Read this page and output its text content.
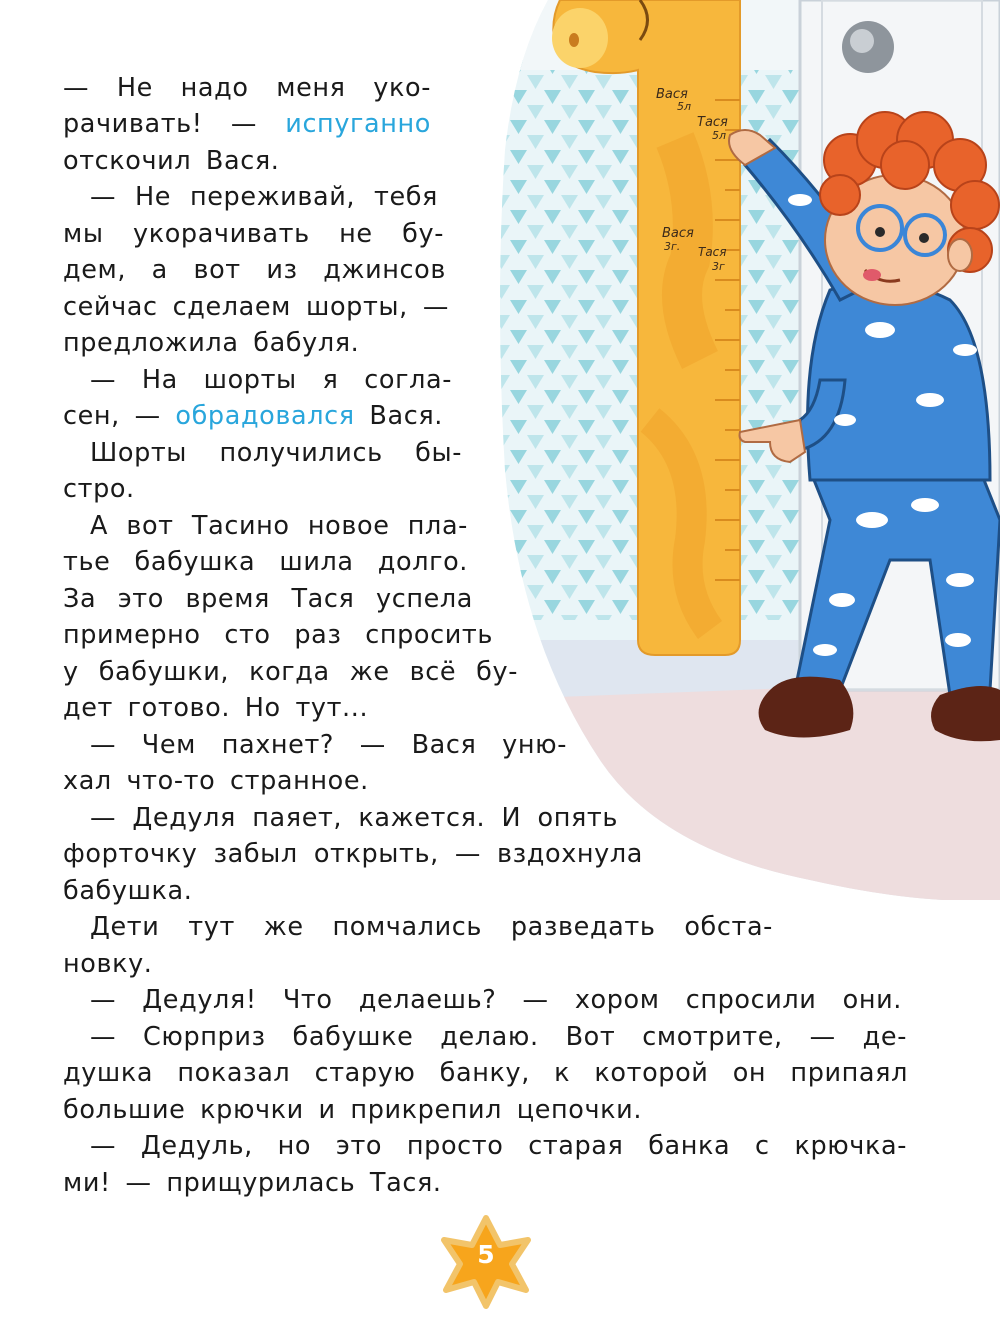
Вася
5л
Тася
5л
Вася
3г. Тася
3г
— Не надо меня уко-
рачивать! — испуганно
отскочил Вася.
— Не переживай, тебя
мы укорачивать не бу-
дем, а вот из джинсов
сейчас сделаем шорты, —
предложила бабуля.
— На шорты я согла-
сен, — обрадовался Вася.
Шорты получились бы-
стро.
А вот Тасино новое пла-
тье бабушка шила долго.
За это время Тася успела
примерно сто раз спросить
у бабушки, когда же всё бу-
дет готово. Но тут...
— Чем пахнет? — Вася уню-
хал что-то странное.
— Дедуля паяет, кажется. И опять
форточку забыл открыть, — вздохнула
бабушка.
Дети тут же помчались разведать обста-
новку.
— Дедуля! Что делаешь? — хором спросили они.
— Сюрприз бабушке делаю. Вот смотрите, — де-
душка показал старую банку, к которой он припаял
большие крючки и прикрепил цепочки.
— Дедуль, но это просто старая банка с крючка-
ми! — прищурилась Тася.
5
